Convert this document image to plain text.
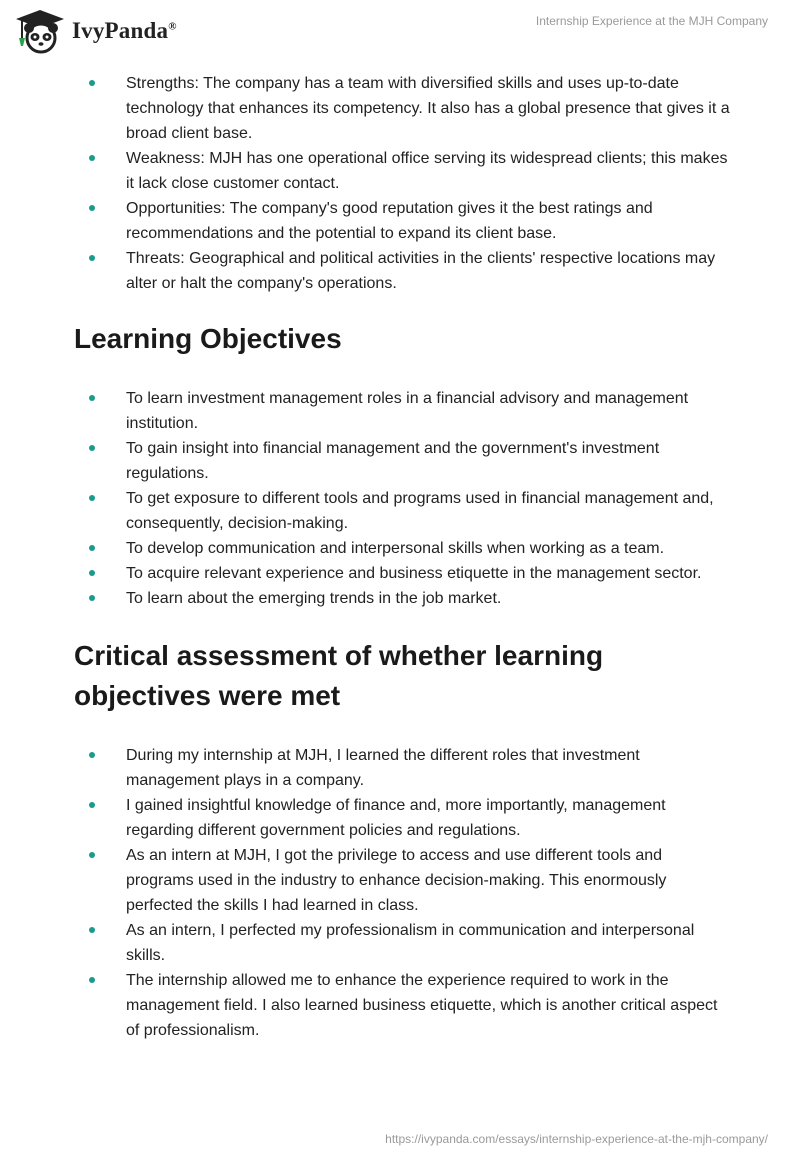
IvyPanda®	Internship Experience at the MJH Company
Strengths: The company has a team with diversified skills and uses up-to-date technology that enhances its competency. It also has a global presence that gives it a broad client base.
Weakness: MJH has one operational office serving its widespread clients; this makes it lack close customer contact.
Opportunities: The company's good reputation gives it the best ratings and recommendations and the potential to expand its client base.
Threats: Geographical and political activities in the clients' respective locations may alter or halt the company's operations.
Learning Objectives
To learn investment management roles in a financial advisory and management institution.
To gain insight into financial management and the government's investment regulations.
To get exposure to different tools and programs used in financial management and, consequently, decision-making.
To develop communication and interpersonal skills when working as a team.
To acquire relevant experience and business etiquette in the management sector.
To learn about the emerging trends in the job market.
Critical assessment of whether learning objectives were met
During my internship at MJH, I learned the different roles that investment management plays in a company.
I gained insightful knowledge of finance and, more importantly, management regarding different government policies and regulations.
As an intern at MJH, I got the privilege to access and use different tools and programs used in the industry to enhance decision-making. This enormously perfected the skills I had learned in class.
As an intern, I perfected my professionalism in communication and interpersonal skills.
The internship allowed me to enhance the experience required to work in the management field. I also learned business etiquette, which is another critical aspect of professionalism.
https://ivypanda.com/essays/internship-experience-at-the-mjh-company/
